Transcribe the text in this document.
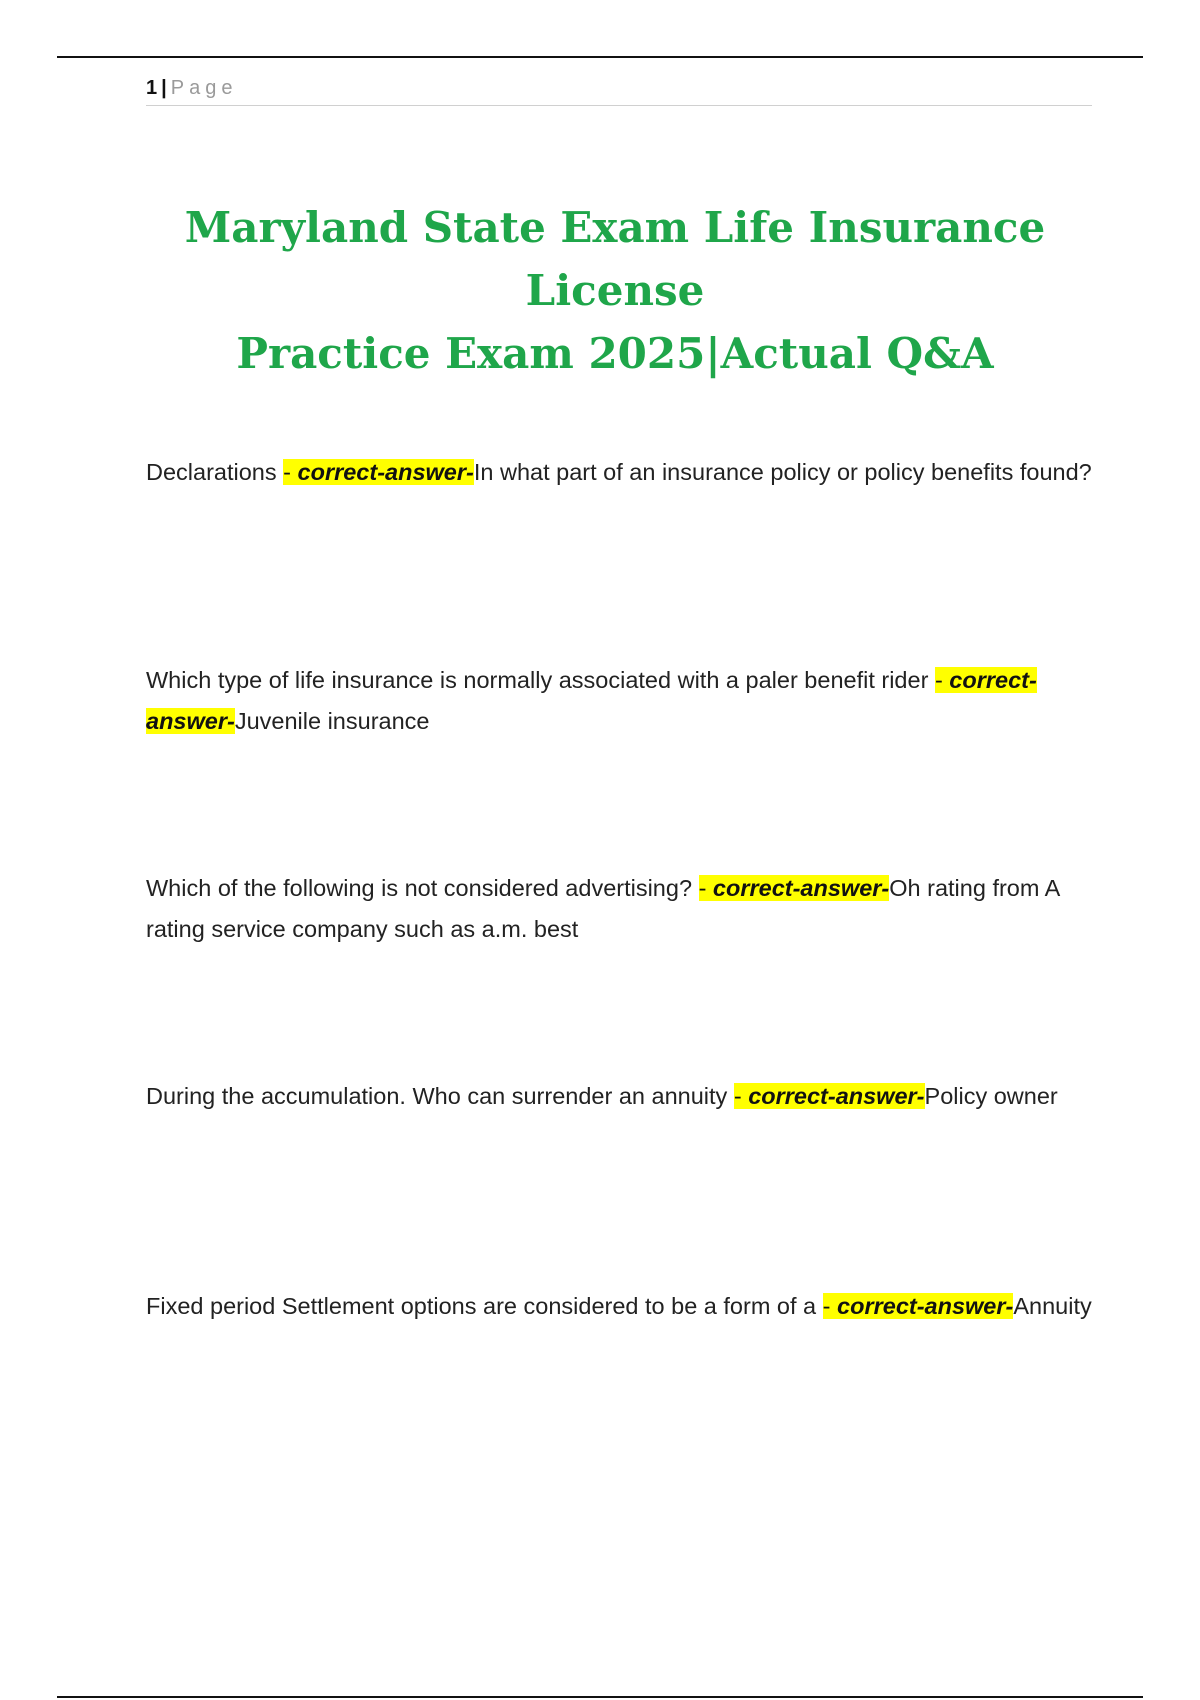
1 | Page
Maryland State Exam Life Insurance License
Practice Exam 2025|Actual Q&A

Declarations - correct-answer-In what part of an insurance policy or policy benefits found?

Which type of life insurance is normally associated with a paler benefit rider - correct-answer-Juvenile insurance

Which of the following is not considered advertising? - correct-answer-Oh rating from A rating service company such as a.m. best

During the accumulation. Who can surrender an annuity - correct-answer-Policy owner

Fixed period Settlement options are considered to be a form of a - correct-answer-Annuity
